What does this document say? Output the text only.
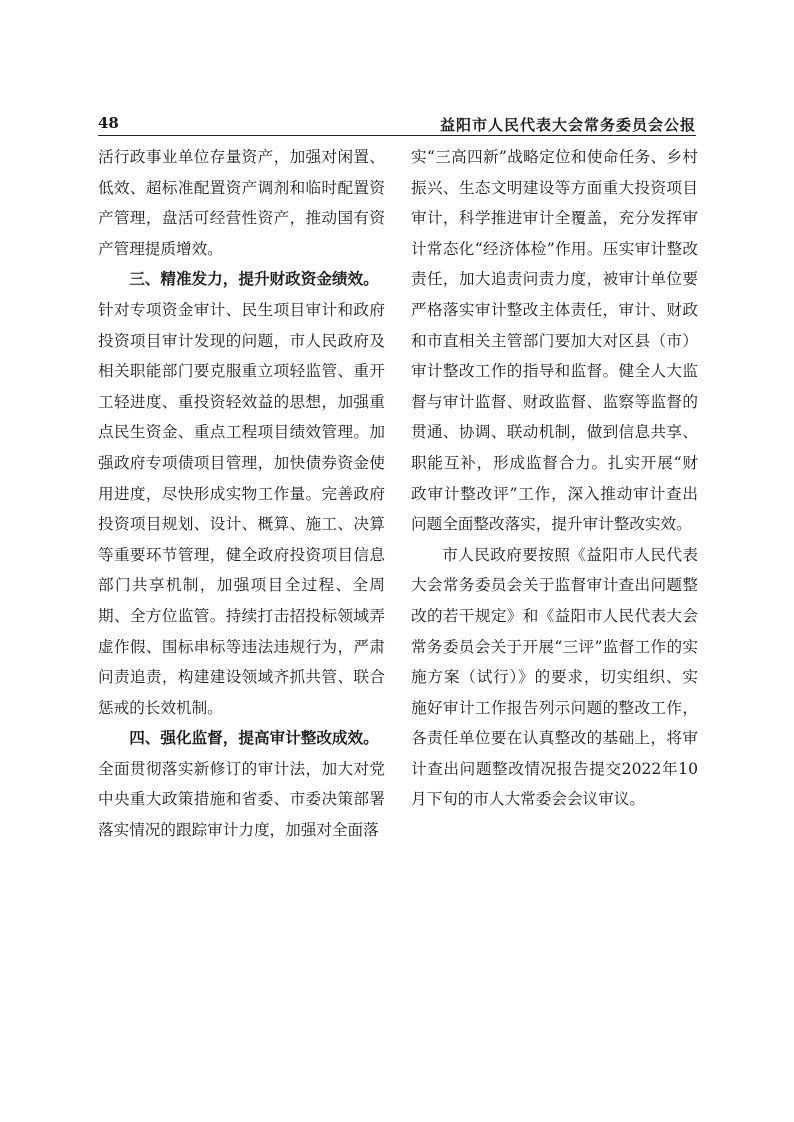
48	益阳市人民代表大会常务委员会公报

活行政事业单位存量资产，加强对闲置、低效、超标准配置资产调剂和临时配置资产管理，盘活可经营性资产，推动国有资产管理提质增效。

三、精准发力，提升财政资金绩效。

针对专项资金审计、民生项目审计和政府投资项目审计发现的问题，市人民政府及相关职能部门要克服重立项轻监管、重开工轻进度、重投资轻效益的思想，加强重点民生资金、重点工程项目绩效管理。加强政府专项债项目管理，加快债券资金使用进度，尽快形成实物工作量。完善政府投资项目规划、设计、概算、施工、决算等重要环节管理，健全政府投资项目信息部门共享机制，加强项目全过程、全周期、全方位监管。持续打击招投标领域弄虚作假、围标串标等违法违规行为，严肃问责追责，构建建设领域齐抓共管、联合惩戒的长效机制。

四、强化监督，提高审计整改成效。

全面贯彻落实新修订的审计法，加大对党中央重大政策措施和省委、市委决策部署落实情况的跟踪审计力度，加强对全面落

实“三高四新”战略定位和使命任务、乡村振兴、生态文明建设等方面重大投资项目审计，科学推进审计全覆盖，充分发挥审计常态化“经济体检”作用。压实审计整改责任，加大追责问责力度，被审计单位要严格落实审计整改主体责任，审计、财政和市直相关主管部门要加大对区县（市）审计整改工作的指导和监督。健全人大监督与审计监督、财政监督、监察等监督的贯通、协调、联动机制，做到信息共享、职能互补，形成监督合力。扎实开展“财政审计整改评”工作，深入推动审计查出问题全面整改落实，提升审计整改实效。

市人民政府要按照《益阳市人民代表大会常务委员会关于监督审计查出问题整改的若干规定》和《益阳市人民代表大会常务委员会关于开展“三评”监督工作的实施方案（试行）》的要求，切实组织、实施好审计工作报告列示问题的整改工作，各责任单位要在认真整改的基础上，将审计查出问题整改情况报告提交2022年10月下旬的市人大常委会会议审议。
